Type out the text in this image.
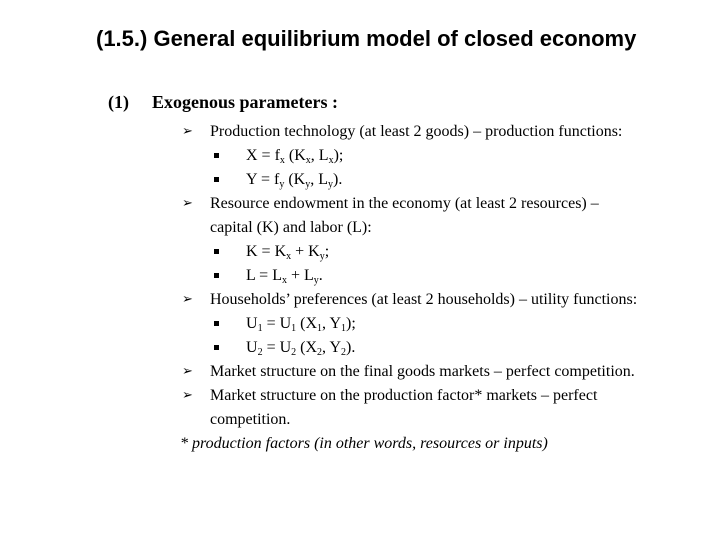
(1.5.) General equilibrium model of closed economy
(1) Exogenous parameters :
➢ Production technology (at least 2 goods) – production functions:
$X = f_x$ ($K_x$, $L_x$);
$Y = f_y$ ($K_y$, $L_y$).
➢ Resource endowment in the economy (at least 2 resources) –
capital (K) and labor (L):
$K = K_x + K_y$;
$L = L_x + L_y$.
➢ Households’ preferences (at least 2 households) – utility functions:
$U_1 = U_1$ ($X_1$, $Y_1$);
$U_2 = U_2$ ($X_2$, $Y_2$).
➢ Market structure on the final goods markets – perfect competition.
➢ Market structure on the production factor* markets – perfect
competition.
* production factors (in other words, resources or inputs)
